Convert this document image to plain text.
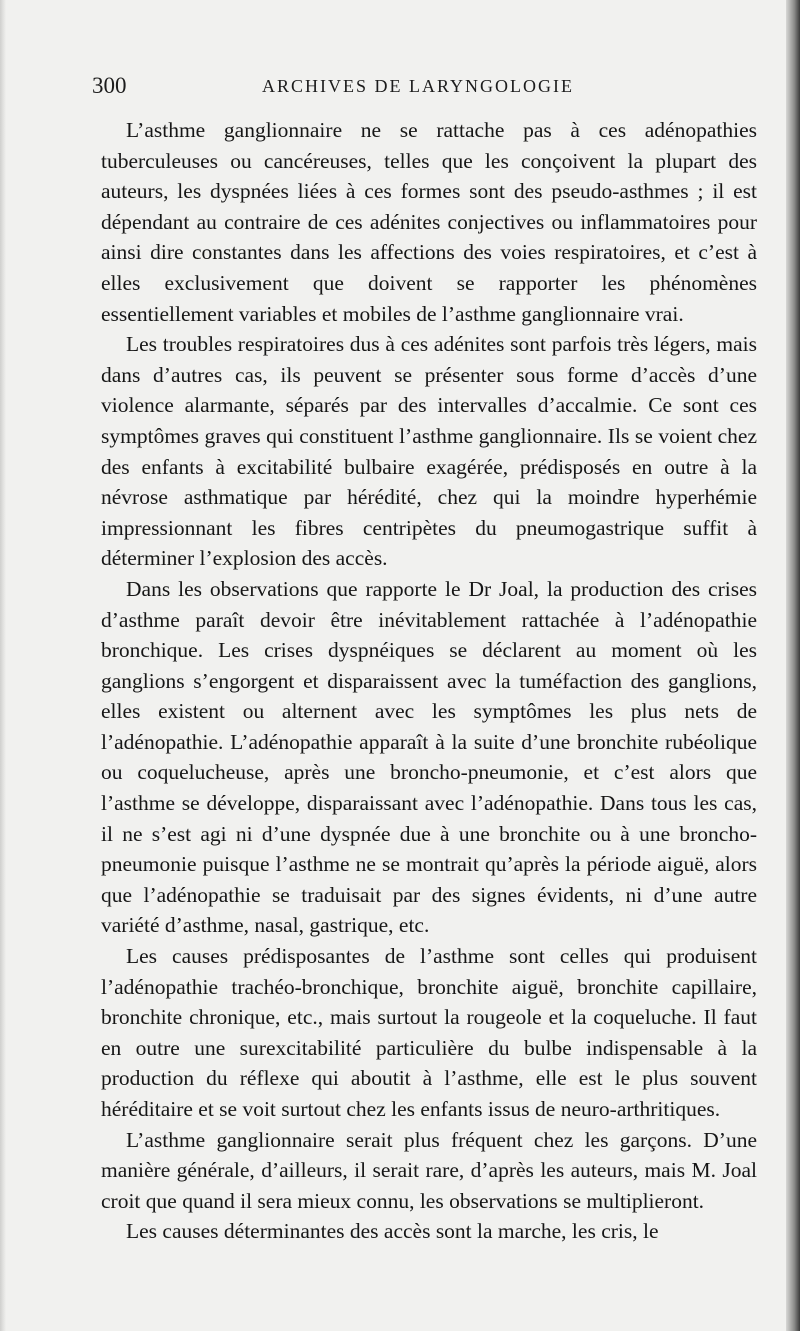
300	ARCHIVES DE LARYNGOLOGIE

L’asthme ganglionnaire ne se rattache pas à ces adénopathies tuberculeuses ou cancéreuses, telles que les conçoivent la plupart des auteurs, les dyspnées liées à ces formes sont des pseudo-asthmes ; il est dépendant au contraire de ces adénites conjectives ou inflammatoires pour ainsi dire constantes dans les affections des voies respiratoires, et c’est à elles exclusivement que doivent se rapporter les phénomènes essentiellement variables et mobiles de l’asthme ganglionnaire vrai.

Les troubles respiratoires dus à ces adénites sont parfois très légers, mais dans d’autres cas, ils peuvent se présenter sous forme d’accès d’une violence alarmante, séparés par des intervalles d’accalmie. Ce sont ces symptômes graves qui constituent l’asthme ganglionnaire. Ils se voient chez des enfants à excitabilité bulbaire exagérée, prédisposés en outre à la névrose asthmatique par hérédité, chez qui la moindre hyperhémie impressionnant les fibres centripètes du pneumogastrique suffit à déterminer l’explosion des accès.

Dans les observations que rapporte le Dr Joal, la production des crises d’asthme paraît devoir être inévitablement rattachée à l’adénopathie bronchique. Les crises dyspnéiques se déclarent au moment où les ganglions s’engorgent et disparaissent avec la tuméfaction des ganglions, elles existent ou alternent avec les symptômes les plus nets de l’adénopathie. L’adénopathie apparaît à la suite d’une bronchite rubéolique ou coquelucheuse, après une broncho-pneumonie, et c’est alors que l’asthme se développe, disparaissant avec l’adénopathie. Dans tous les cas, il ne s’est agi ni d’une dyspnée due à une bronchite ou à une broncho-pneumonie puisque l’asthme ne se montrait qu’après la période aiguë, alors que l’adénopathie se traduisait par des signes évidents, ni d’une autre variété d’asthme, nasal, gastrique, etc.

Les causes prédisposantes de l’asthme sont celles qui produisent l’adénopathie trachéo-bronchique, bronchite aiguë, bronchite capillaire, bronchite chronique, etc., mais surtout la rougeole et la coqueluche. Il faut en outre une surexcitabilité particulière du bulbe indispensable à la production du réflexe qui aboutit à l’asthme, elle est le plus souvent héréditaire et se voit surtout chez les enfants issus de neuro-arthritiques.

L’asthme ganglionnaire serait plus fréquent chez les garçons. D’une manière générale, d’ailleurs, il serait rare, d’après les auteurs, mais M. Joal croit que quand il sera mieux connu, les observations se multiplieront.

Les causes déterminantes des accès sont la marche, les cris, le
